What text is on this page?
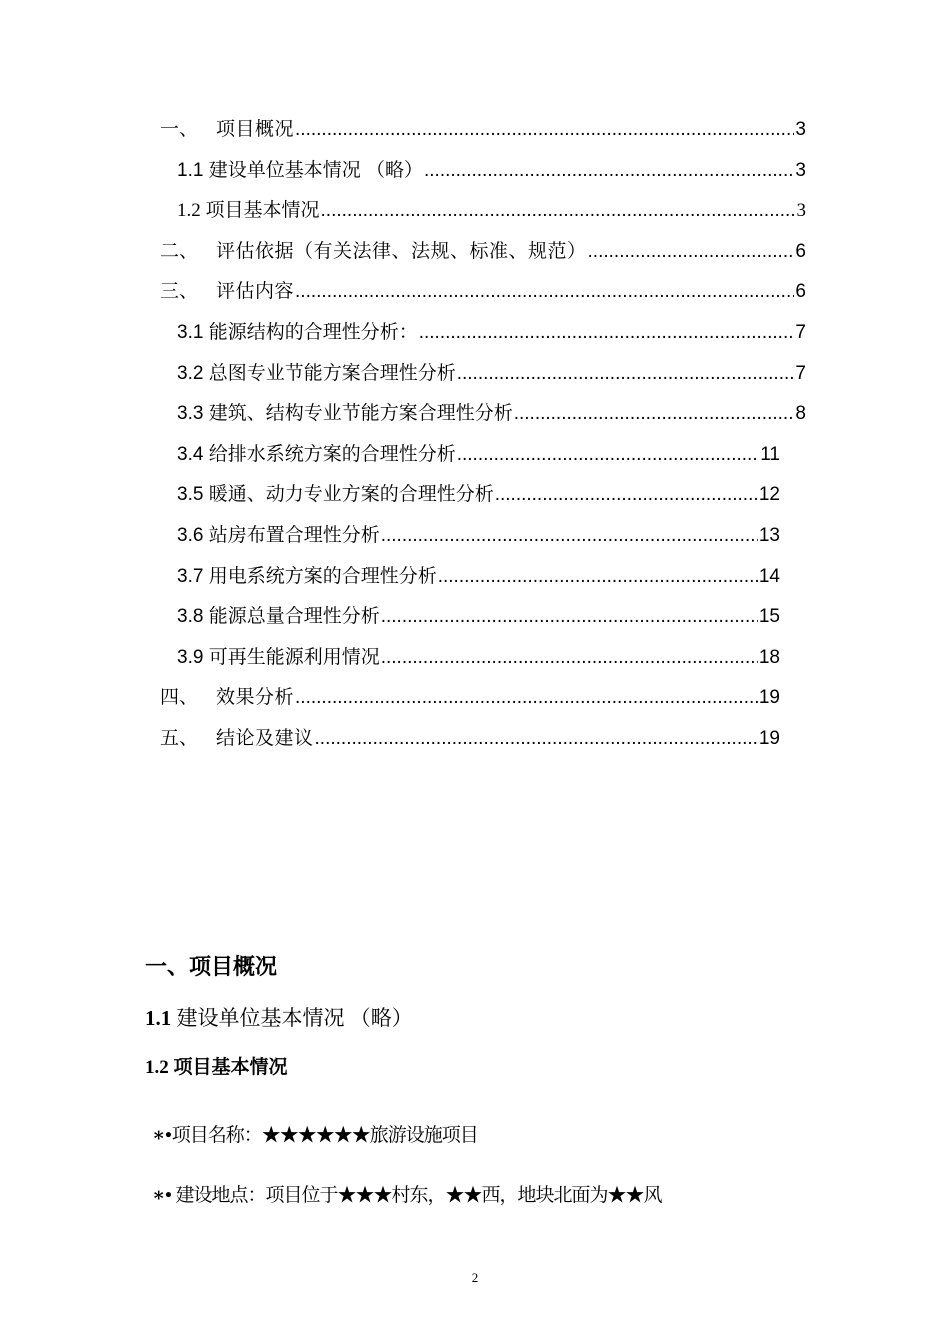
一、 项目概况 .....	3
1.1 建设单位基本情况 （略） .....	3
1.2 项目基本情况 .....	3
二、 评估依据（有关法律、法规、标准、规范） .....	6
三、 评估内容 .....	6
3.1 能源结构的合理性分析： .....	7
3.2 总图专业节能方案合理性分析 .....	7
3.3 建筑、结构专业节能方案合理性分析 .....	8
3.4 给排水系统方案的合理性分析 .....	11
3.5 暖通、动力专业方案的合理性分析 .....	12
3.6 站房布置合理性分析 .....	13
3.7 用电系统方案的合理性分析 .....	14
3.8 能源总量合理性分析 .....	15
3.9 可再生能源利用情况 .....	18
四、 效果分析 .....	19
五、 结论及建议 .....	19
一、项目概况
1.1 建设单位基本情况 （略）
1.2 项目基本情况
∗•项目名称：★★★★★★旅游设施项目
∗• 建设地点：项目位于★★★村东，★★西，地块北面为★★风
2
